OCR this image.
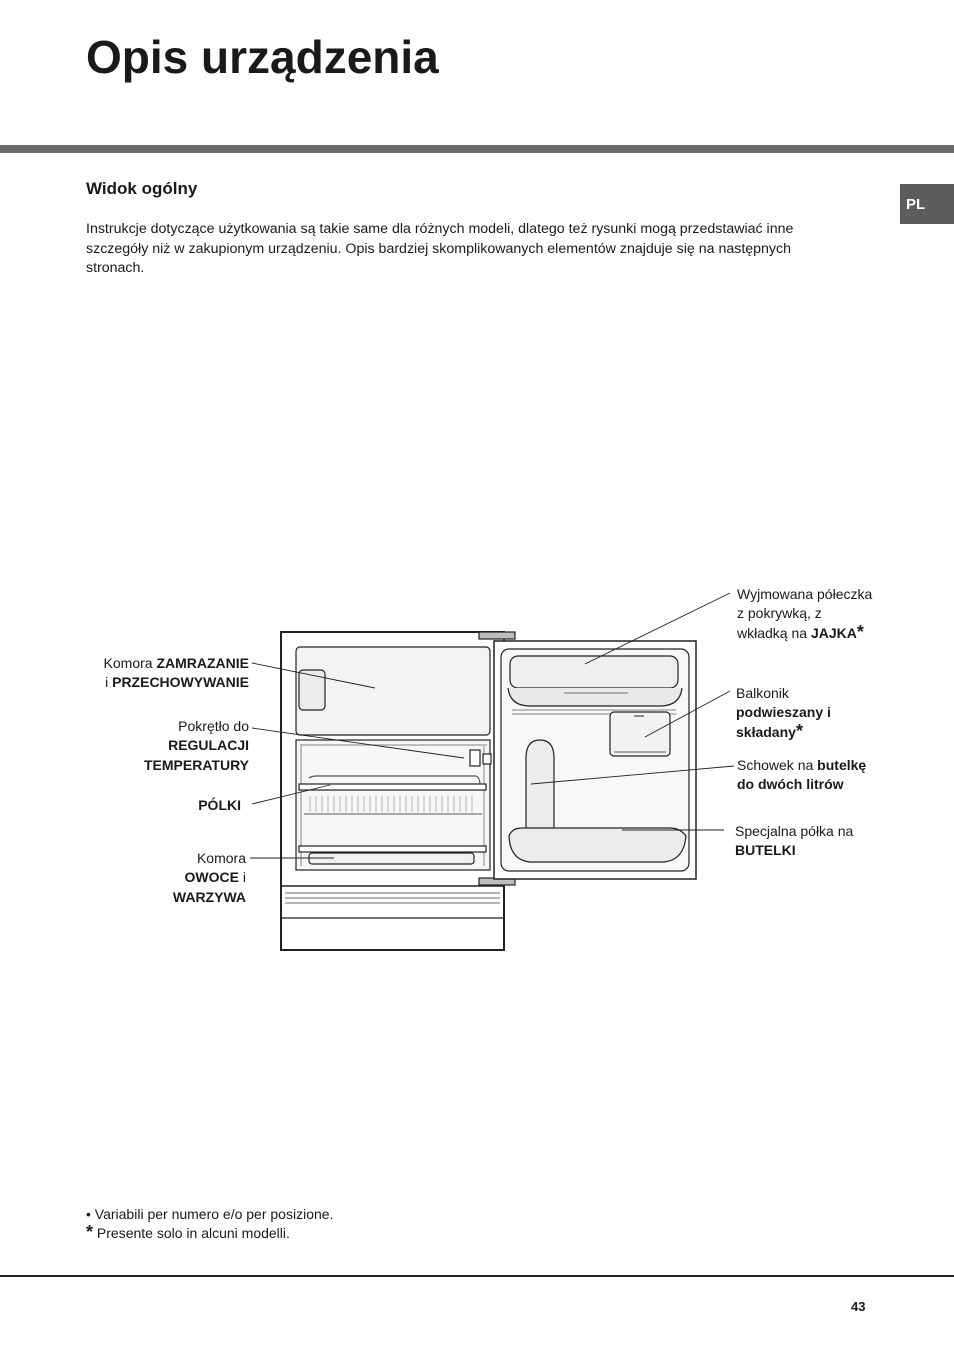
Opis urządzenia
PL
Widok ogólny

Instrukcje dotyczące użytkowania są takie same dla różnych modeli, dlatego też rysunki mogą przedstawiać inne
szczegóły niż w zakupionym urządzeniu. Opis bardziej skomplikowanych elementów znajduje się na następnych
stronach.

Komora ZAMRAZANIE
i PRZECHOWYWANIE
Pokrętło do
REGULACJI
TEMPERATURY
PÓLKI
Komora
OWOCE i
WARZYWA
Wyjmowana półeczka
z pokrywką, z
wkładką na JAJKA*
Balkonik
podwieszany i
składany*
Schowek na butelkę
do dwóch litrów
Specjalna półka na
BUTELKI
• Variabili per numero e/o per posizione.
* Presente solo in alcuni modelli.
43
